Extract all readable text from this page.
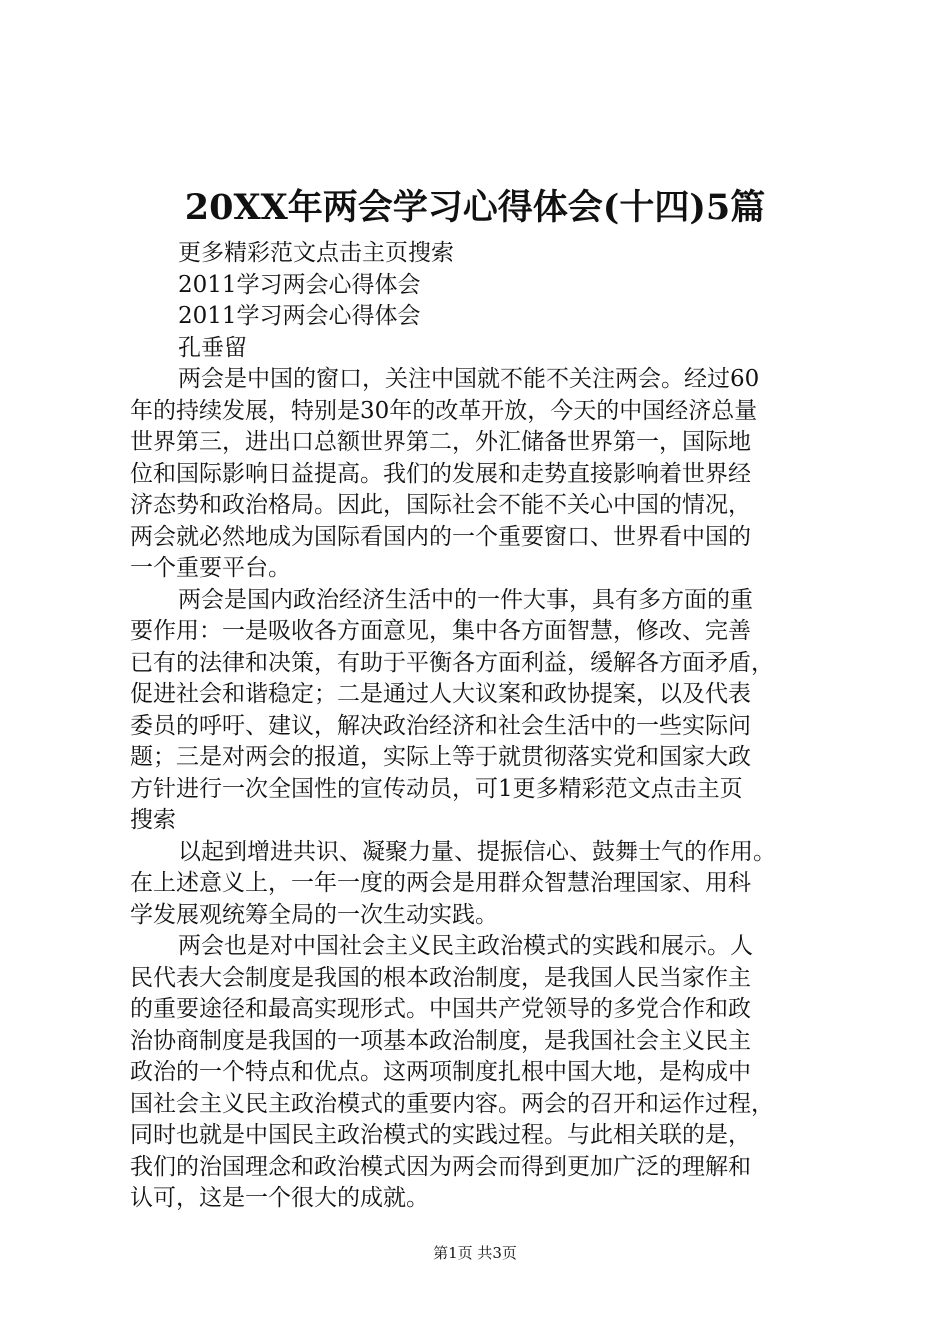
20XX年两会学习心得体会(十四)5篇
更多精彩范文点击主页搜索
2011学习两会心得体会
2011学习两会心得体会
孔垂留
两会是中国的窗口，关注中国就不能不关注两会。经过60
年的持续发展，特别是30年的改革开放，今天的中国经济总量
世界第三，进出口总额世界第二，外汇储备世界第一，国际地
位和国际影响日益提高。我们的发展和走势直接影响着世界经
济态势和政治格局。因此，国际社会不能不关心中国的情况，
两会就必然地成为国际看国内的一个重要窗口、世界看中国的
一个重要平台。
两会是国内政治经济生活中的一件大事，具有多方面的重
要作用：一是吸收各方面意见，集中各方面智慧，修改、完善
已有的法律和决策，有助于平衡各方面利益，缓解各方面矛盾，
促进社会和谐稳定；二是通过人大议案和政协提案，以及代表
委员的呼吁、建议，解决政治经济和社会生活中的一些实际问
题；三是对两会的报道，实际上等于就贯彻落实党和国家大政
方针进行一次全国性的宣传动员，可1更多精彩范文点击主页
搜索
以起到增进共识、凝聚力量、提振信心、鼓舞士气的作用。
在上述意义上，一年一度的两会是用群众智慧治理国家、用科
学发展观统筹全局的一次生动实践。
两会也是对中国社会主义民主政治模式的实践和展示。人
民代表大会制度是我国的根本政治制度，是我国人民当家作主
的重要途径和最高实现形式。中国共产党领导的多党合作和政
治协商制度是我国的一项基本政治制度，是我国社会主义民主
政治的一个特点和优点。这两项制度扎根中国大地，是构成中
国社会主义民主政治模式的重要内容。两会的召开和运作过程，
同时也就是中国民主政治模式的实践过程。与此相关联的是，
我们的治国理念和政治模式因为两会而得到更加广泛的理解和
认可，这是一个很大的成就。
第1页 共3页
